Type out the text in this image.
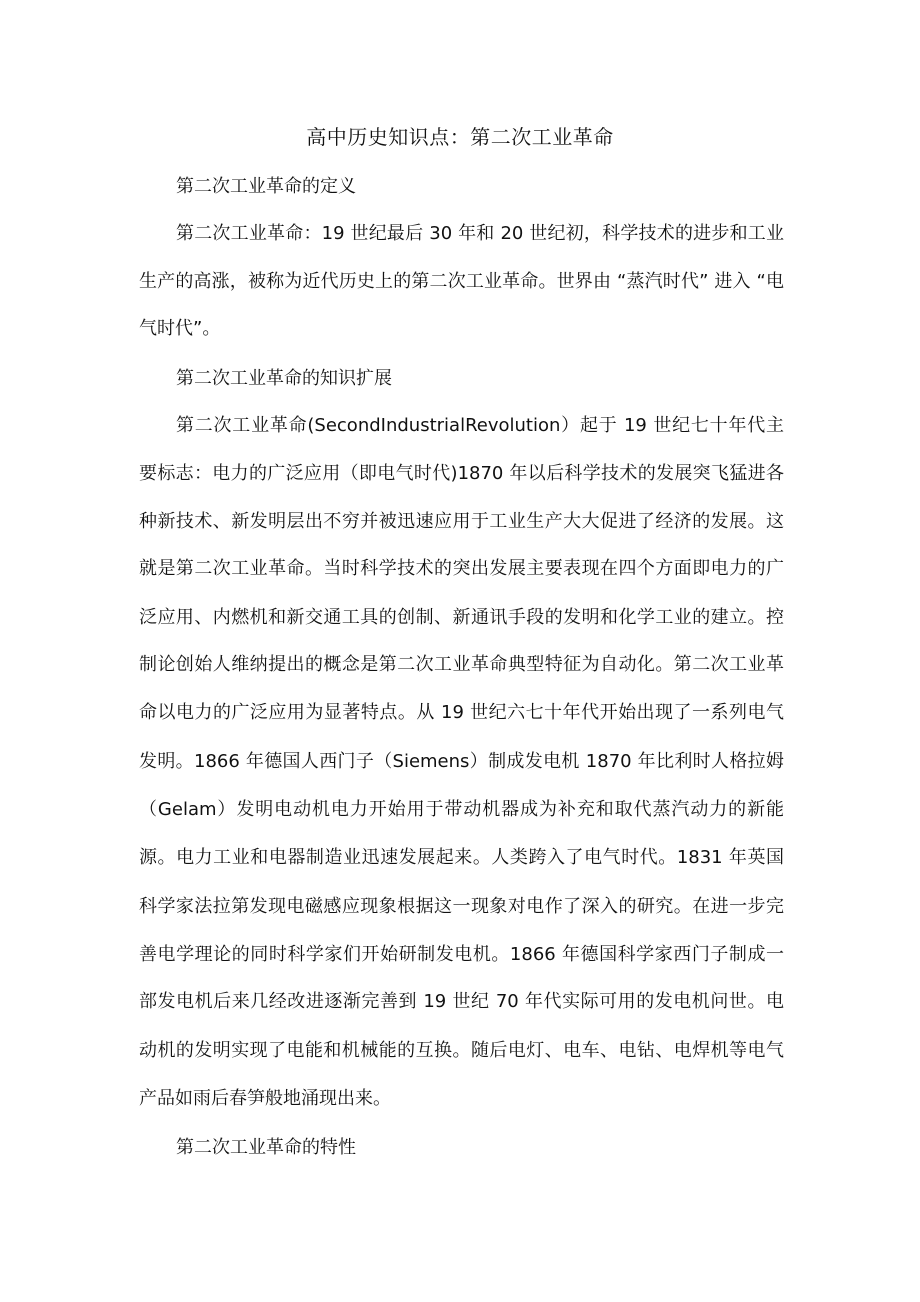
高中历史知识点：第二次工业革命
第二次工业革命的定义
第二次工业革命：19 世纪最后 30 年和 20 世纪初，科学技术的进步和工业
生产的高涨，被称为近代历史上的第二次工业革命。世界由 “蒸汽时代” 进入 “电
气时代”。
第二次工业革命的知识扩展
第二次工业革命(SecondIndustrialRevolution）起于 19 世纪七十年代主
要标志：电力的广泛应用（即电气时代)1870 年以后科学技术的发展突飞猛进各
种新技术、新发明层出不穷并被迅速应用于工业生产大大促进了经济的发展。这
就是第二次工业革命。当时科学技术的突出发展主要表现在四个方面即电力的广
泛应用、内燃机和新交通工具的创制、新通讯手段的发明和化学工业的建立。控
制论创始人维纳提出的概念是第二次工业革命典型特征为自动化。第二次工业革
命以电力的广泛应用为显著特点。从 19 世纪六七十年代开始出现了一系列电气
发明。1866 年德国人西门子（Siemens）制成发电机 1870 年比利时人格拉姆
（Gelam）发明电动机电力开始用于带动机器成为补充和取代蒸汽动力的新能
源。电力工业和电器制造业迅速发展起来。人类跨入了电气时代。1831 年英国
科学家法拉第发现电磁感应现象根据这一现象对电作了深入的研究。在进一步完
善电学理论的同时科学家们开始研制发电机。1866 年德国科学家西门子制成一
部发电机后来几经改进逐渐完善到 19 世纪 70 年代实际可用的发电机问世。电
动机的发明实现了电能和机械能的互换。随后电灯、电车、电钻、电焊机等电气
产品如雨后春笋般地涌现出来。
第二次工业革命的特性
